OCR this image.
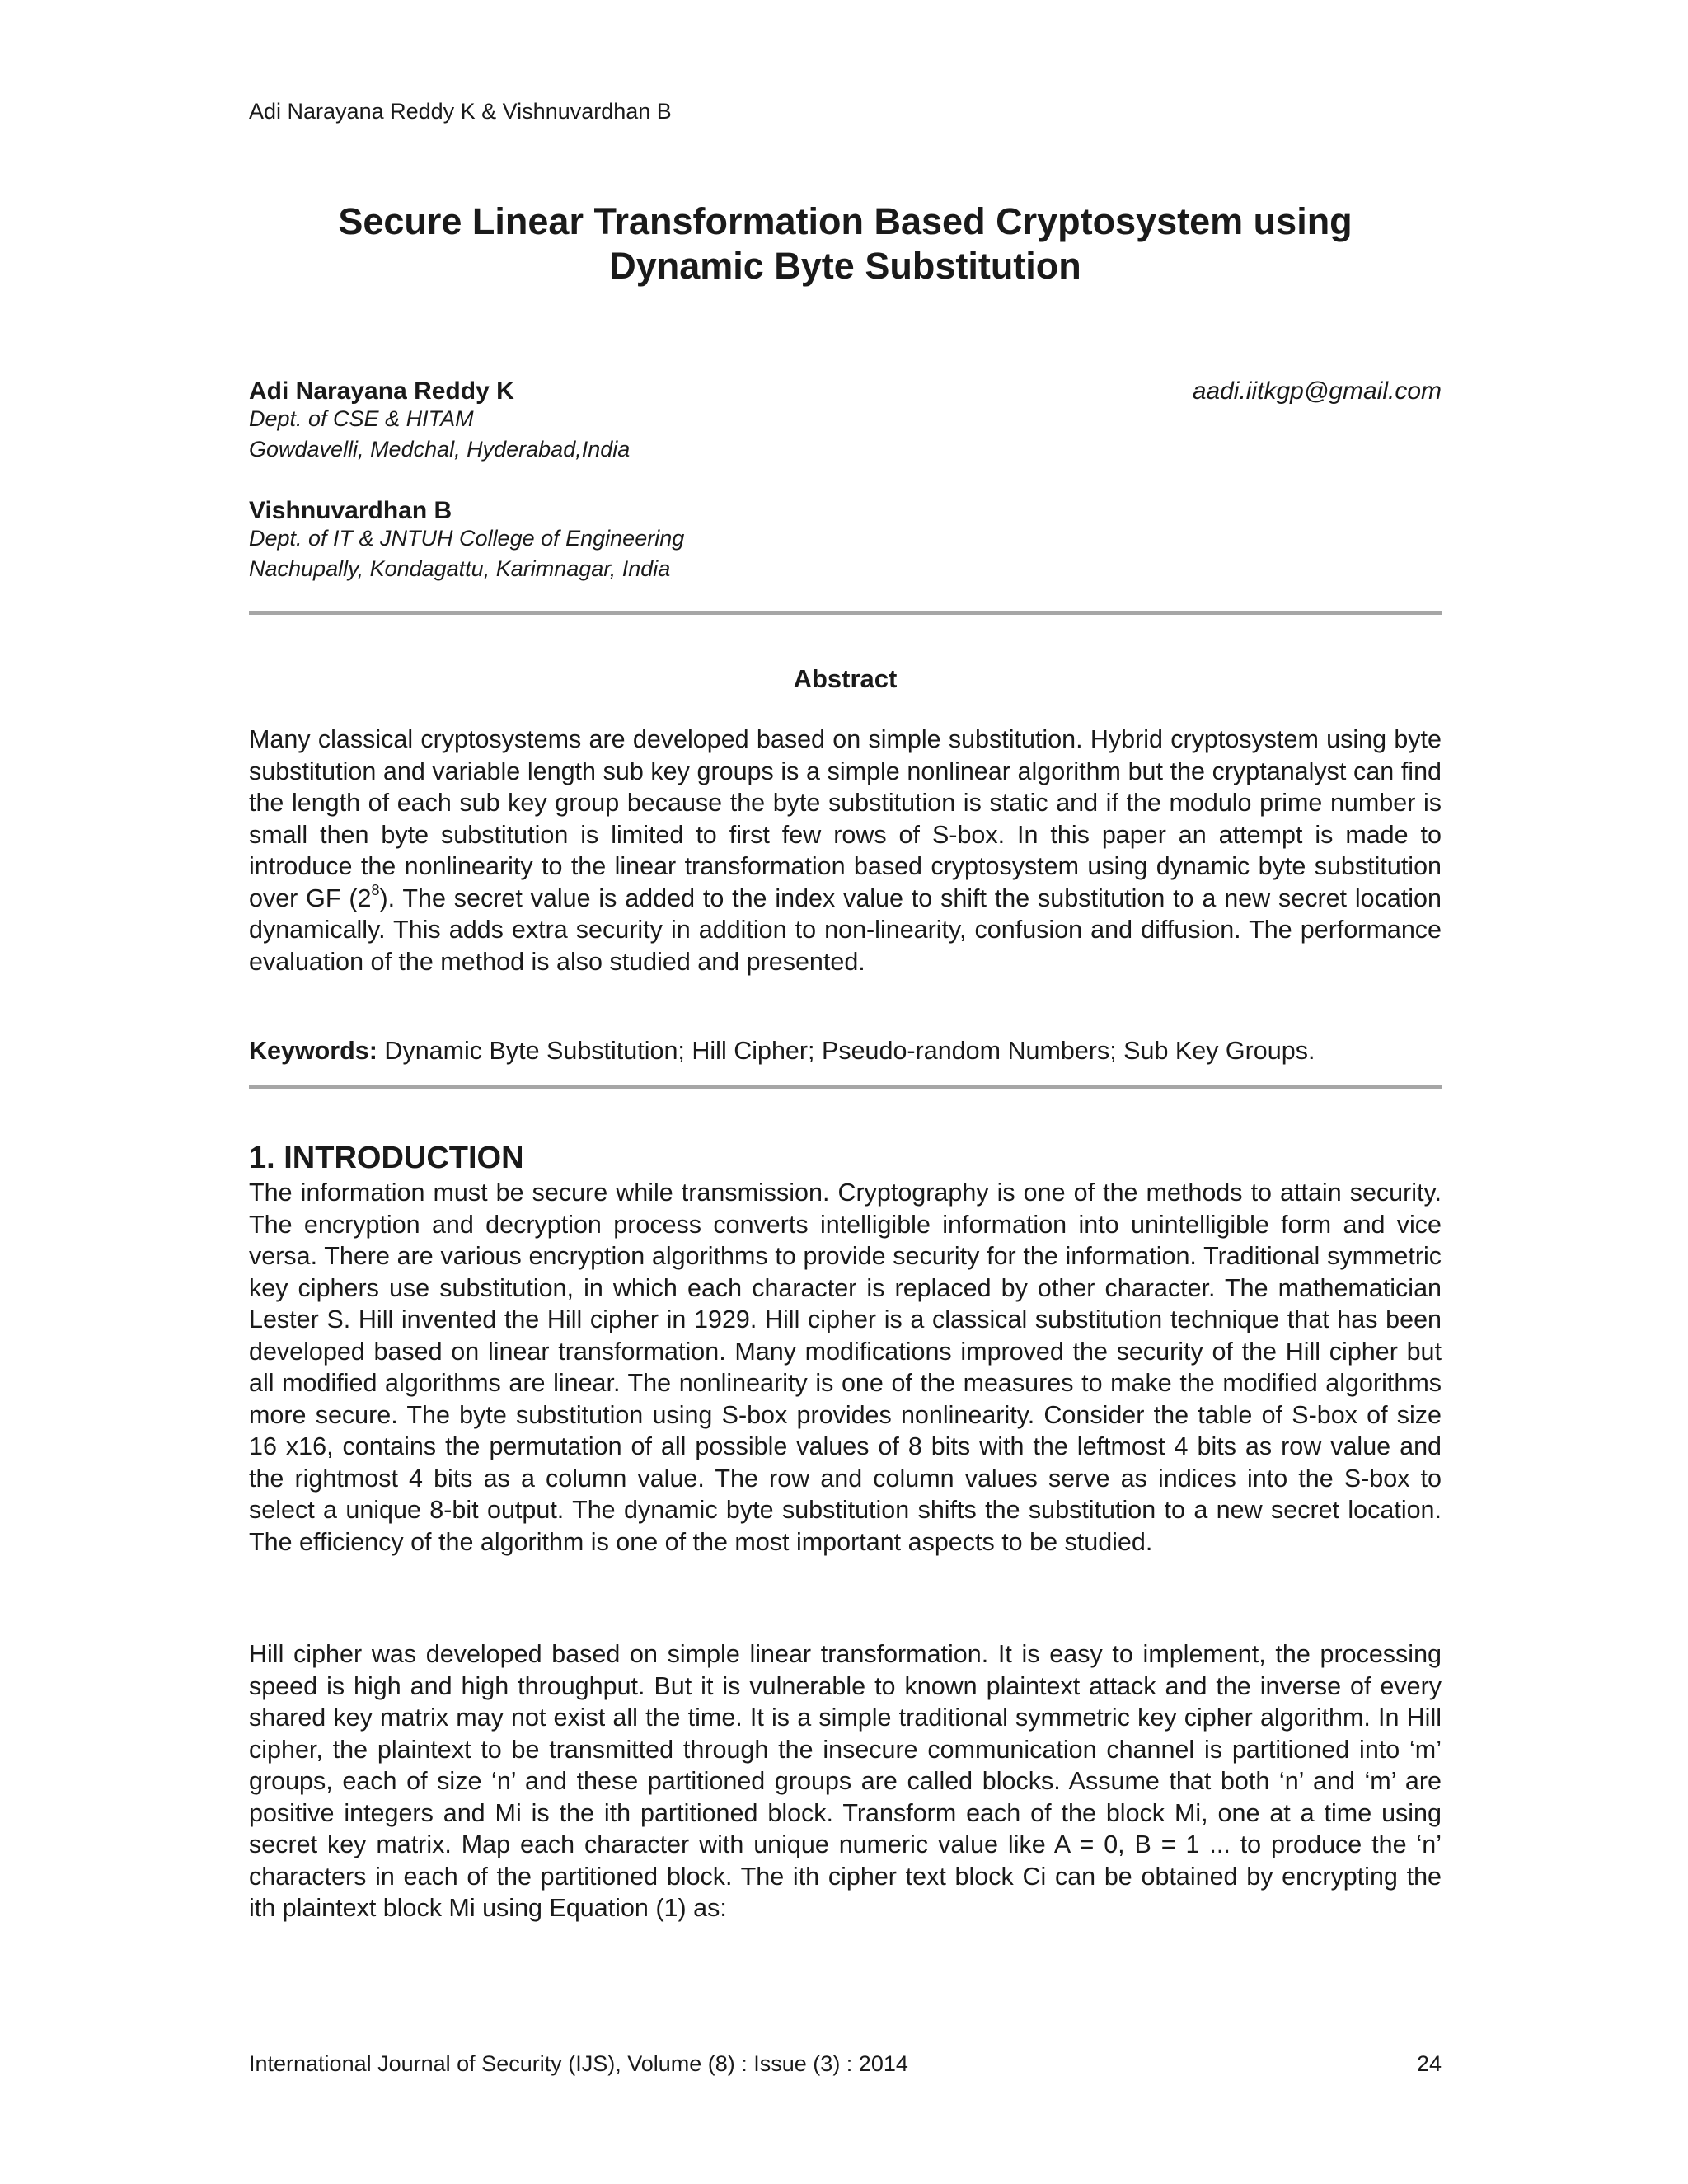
Adi Narayana Reddy K & Vishnuvardhan B
Secure Linear Transformation Based Cryptosystem using
Dynamic Byte Substitution
Adi Narayana Reddy K	aadi.iitkgp@gmail.com
Dept. of CSE & HITAM
Gowdavelli, Medchal, Hyderabad,India
Vishnuvardhan B
Dept. of IT & JNTUH College of Engineering
Nachupally, Kondagattu, Karimnagar, India
Abstract
Many classical cryptosystems are developed based on simple substitution. Hybrid cryptosystem using byte substitution and variable length sub key groups is a simple nonlinear algorithm but the cryptanalyst can find the length of each sub key group because the byte substitution is static and if the modulo prime number is small then byte substitution is limited to first few rows of S-box. In this paper an attempt is made to introduce the nonlinearity to the linear transformation based cryptosystem using dynamic byte substitution over GF $(2^8)$. The secret value is added to the index value to shift the substitution to a new secret location dynamically. This adds extra security in addition to non-linearity, confusion and diffusion. The performance evaluation of the method is also studied and presented.
Keywords: Dynamic Byte Substitution; Hill Cipher; Pseudo-random Numbers; Sub Key Groups.
1. INTRODUCTION
The information must be secure while transmission. Cryptography is one of the methods to attain security. The encryption and decryption process converts intelligible information into unintelligible form and vice versa. There are various encryption algorithms to provide security for the information. Traditional symmetric key ciphers use substitution, in which each character is replaced by other character. The mathematician Lester S. Hill invented the Hill cipher in 1929. Hill cipher is a classical substitution technique that has been developed based on linear transformation. Many modifications improved the security of the Hill cipher but all modified algorithms are linear. The nonlinearity is one of the measures to make the modified algorithms more secure. The byte substitution using S-box provides nonlinearity. Consider the table of S-box of size 16 x16, contains the permutation of all possible values of 8 bits with the leftmost 4 bits as row value and the rightmost 4 bits as a column value. The row and column values serve as indices into the S-box to select a unique 8-bit output. The dynamic byte substitution shifts the substitution to a new secret location. The efficiency of the algorithm is one of the most important aspects to be studied.
Hill cipher was developed based on simple linear transformation. It is easy to implement, the processing speed is high and high throughput. But it is vulnerable to known plaintext attack and the inverse of every shared key matrix may not exist all the time. It is a simple traditional symmetric key cipher algorithm. In Hill cipher, the plaintext to be transmitted through the insecure communication channel is partitioned into ‘m’ groups, each of size ‘n’ and these partitioned groups are called blocks. Assume that both ‘n’ and ‘m’ are positive integers and Mi is the ith partitioned block. Transform each of the block Mi, one at a time using secret key matrix. Map each character with unique numeric value like A = 0, B = 1 ... to produce the ‘n’ characters in each of the partitioned block. The ith cipher text block Ci can be obtained by encrypting the ith plaintext block Mi using Equation (1) as:
International Journal of Security (IJS), Volume (8) : Issue (3) : 2014	24
